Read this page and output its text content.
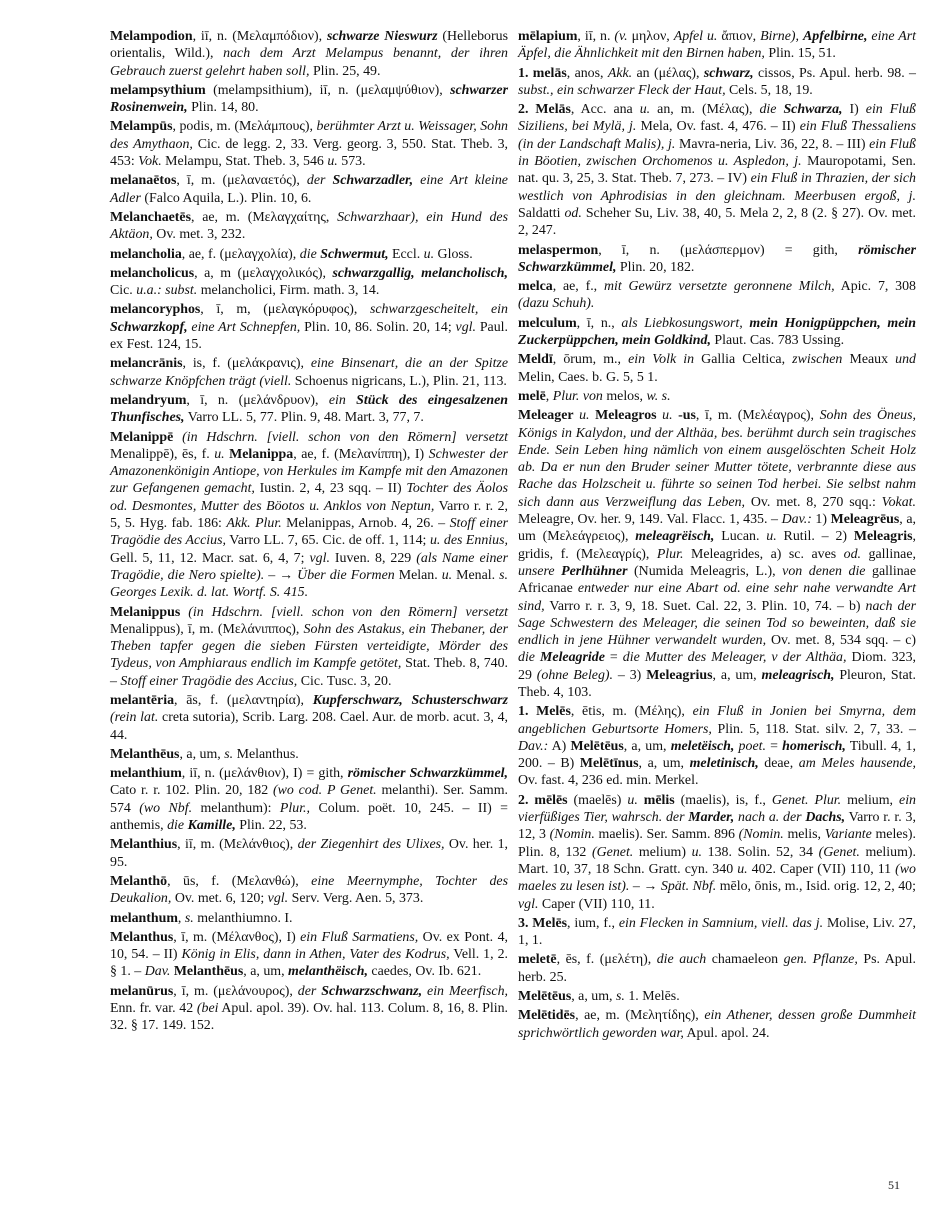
Melampodion, iī, n. (Μελαμπόδιον), schwarze Nieswurz (Helleborus orientalis, Wild.), nach dem Arzt Melampus benannt, der ihren Gebrauch zuerst gelehrt haben soll, Plin. 25, 49.

melampsythium (melampsithium), iī, n. (μελαμψύθιον), schwarzer Rosinenwein, Plin. 14, 80.

Melampūs, podis, m. (Μελάμπους), berühmter Arzt u. Weissager, Sohn des Amythaon, Cic. de legg. 2, 33. Verg. georg. 3, 550. Stat. Theb. 3, 453: Vok. Melampu, Stat. Theb. 3, 546 u. 573.

melanaētos, ī, m. (μελαναετός), der Schwarzadler, eine Art kleine Adler (Falco Aquila, L.). Plin. 10, 6.

Melanchaetēs, ae, m. (Μελαγχαίτης, Schwarzhaar), ein Hund des Aktäon, Ov. met. 3, 232.

melancholia, ae, f. (μελαγχολία), die Schwermut, Eccl. u. Gloss.

melancholicus, a, m (μελαγχολικός), schwarzgallig, melancholisch, Cic. u.a.: subst. melancholici, Firm. math. 3, 14.

melancoryphos, ī, m, (μελαγκόρυφος), schwarzgescheitelt, ein Schwarzkopf, eine Art Schnepfen, Plin. 10, 86. Solin. 20, 14; vgl. Paul. ex Fest. 124, 15.

melancrānis, is, f. (μελάκρανις), eine Binsenart, die an der Spitze schwarze Knöpfchen trägt (viell. Schoenus nigricans, L.), Plin. 21, 113.

melandryum, ī, n. (μελάνδρυον), ein Stück des eingesalzenen Thunfisches, Varro LL. 5, 77. Plin. 9, 48. Mart. 3, 77, 7.

Melanippē (in Hdschrn. [viell. schon von den Römern] versetzt Menalippē), ēs, f. u. Melanippa, ae, f. (Μελανίππη), I) Schwester der Amazonenkönigin Antiope, von Herkules im Kampfe mit den Amazonen zur Gefangenen gemacht, Iustin. 2, 4, 23 sqq. – II) Tochter des Äolos od. Desmontes, Mutter des Böotos u. Anklos von Neptun, Varro r. r. 2, 5, 5. Hyg. fab. 186: Akk. Plur. Melanippas, Arnob. 4, 26. – Stoff einer Tragödie des Accius, Varro LL. 7, 65. Cic. de off. 1, 114; u. des Ennius, Gell. 5, 11, 12. Macr. sat. 6, 4, 7; vgl. Iuven. 8, 229 (als Name einer Tragödie, die Nero spielte). – → Über die Formen Melan. u. Menal. s. Georges Lexik. d. lat. Wortf. S. 415.

Melanippus (in Hdschrn. [viell. schon von den Römern] versetzt Menalippus), ī, m. (Μελάνιππος), Sohn des Astakus, ein Thebaner, der Theben tapfer gegen die sieben Fürsten verteidigte, Mörder des Tydeus, von Amphiaraus endlich im Kampfe getötet, Stat. Theb. 8, 740. – Stoff einer Tragödie des Accius, Cic. Tusc. 3, 20.

melantēria, ās, f. (μελαντηρία), Kupferschwarz, Schusterschwarz (rein lat. creta sutoria), Scrib. Larg. 208. Cael. Aur. de morb. acut. 3, 4, 44.

Melanthēus, a, um, s. Melanthus.

melanthium, iī, n. (μελάνθιον), I) = gith, römischer Schwarzkümmel, Cato r. r. 102. Plin. 20, 182 (wo cod. P Genet. melanthi). Ser. Samm. 574 (wo Nbf. melanthum): Plur., Colum. poët. 10, 245. – II) = anthemis, die Kamille, Plin. 22, 53.

Melanthius, iī, m. (Μελάνθιος), der Ziegenhirt des Ulixes, Ov. her. 1, 95.

Melanthō, ūs, f. (Μελανθώ), eine Meernymphe, Tochter des Deukalion, Ov. met. 6, 120; vgl. Serv. Verg. Aen. 5, 373.

melanthum, s. melanthiumno. I.

Melanthus, ī, m. (Μέλανθος), I) ein Fluß Sarmatiens, Ov. ex Pont. 4, 10, 54. – II) König in Elis, dann in Athen, Vater des Kodrus, Vell. 1, 2. § 1. – Dav. Melanthēus, a, um, melanthëisch, caedes, Ov. Ib. 621.

melanūrus, ī, m. (μελάνουρος), der Schwarzschwanz, ein Meerfisch, Enn. fr. var. 42 (bei Apul. apol. 39). Ov. hal. 113. Colum. 8, 16, 8. Plin. 32. § 17. 149. 152.

mēlapium, iī, n. (v. μηλον, Apfel u. ἄπιον, Birne), Apfelbirne, eine Art Äpfel, die Ähnlichkeit mit den Birnen haben, Plin. 15, 51.

1. melās, anos, Akk. an (μέλας), schwarz, cissos, Ps. Apul. herb. 98. – subst., ein schwarzer Fleck der Haut, Cels. 5, 18, 19.

2. Melās, Acc. ana u. an, m. (Μέλας), die Schwarza, I) ein Fluß Siziliens, bei Mylä, j. Mela, Ov. fast. 4, 476. – II) ein Fluß Thessaliens (in der Landschaft Malis), j. Mavra-neria, Liv. 36, 22, 8. – III) ein Fluß in Böotien, zwischen Orchomenos u. Aspledon, j. Mauropotami, Sen. nat. qu. 3, 25, 3. Stat. Theb. 7, 273. – IV) ein Fluß in Thrazien, der sich westlich von Aphrodisias in den gleichnam. Meerbusen ergoß, j. Saldatti od. Scheher Su, Liv. 38, 40, 5. Mela 2, 2, 8 (2. § 27). Ov. met. 2, 247.

melaspermon, ī, n. (μελάσπερμον) = gith, römischer Schwarzkümmel, Plin. 20, 182.

melca, ae, f., mit Gewürz versetzte geronnene Milch, Apic. 7, 308 (dazu Schuh).

melculum, ī, n., als Liebkosungswort, mein Honigpüppchen, mein Zuckerpüppchen, mein Goldkind, Plaut. Cas. 783 Ussing.

Meldī, ōrum, m., ein Volk in Gallia Celtica, zwischen Meaux und Melin, Caes. b. G. 5, 5 1.

melē, Plur. von melos, w. s.

Meleager u. Meleagros u. -us, ī, m. (Μελέαγρος), Sohn des Öneus, Königs in Kalydon, und der Althäa, bes. berühmt durch sein tragisches Ende. Sein Leben hing nämlich von einem ausgelöschten Scheit Holz ab. Da er nun den Bruder seiner Mutter tötete, verbrannte diese aus Rache das Holzscheit u. führte so seinen Tod herbei. Sie selbst nahm sich dann aus Verzweiflung das Leben, Ov. met. 8, 270 sqq.: Vokat. Meleagre, Ov. her. 9, 149. Val. Flacc. 1, 435. – Dav.: 1) Meleagrēus, a, um (Μελεάγρειος), meleagrëisch, Lucan. u. Rutil. – 2) Meleagris, gridis, f. (Μελεαγρίς), Plur. Meleagrides, a) sc. aves od. gallinae, unsere Perlhühner (Numida Meleagris, L.), von denen die gallinae Africanae entweder nur eine Abart od. eine sehr nahe verwandte Art sind, Varro r. r. 3, 9, 18. Suet. Cal. 22, 3. Plin. 10, 74. – b) nach der Sage Schwestern des Meleager, die seinen Tod so beweinten, daß sie endlich in jene Hühner verwandelt wurden, Ov. met. 8, 534 sqq. – c) die Meleagride = die Mutter des Meleager, v der Althäa, Diom. 323, 29 (ohne Beleg). – 3) Meleagrius, a, um, meleagrisch, Pleuron, Stat. Theb. 4, 103.

1. Melēs, ētis, m. (Μέλης), ein Fluß in Jonien bei Smyrna, dem angeblichen Geburtsorte Homers, Plin. 5, 118. Stat. silv. 2, 7, 33. – Dav.: A) Melētēus, a, um, meletëisch, poet. = homerisch, Tibull. 4, 1, 200. – B) Melētīnus, a, um, meletinisch, deae, am Meles hausende, Ov. fast. 4, 236 ed. min. Merkel.

2. mēlēs (maelēs) u. mēlis (maelis), is, f., Genet. Plur. melium, ein vierfüßiges Tier, wahrsch. der Marder, nach a. der Dachs, Varro r. r. 3, 12, 3 (Nomin. maelis). Ser. Samm. 896 (Nomin. melis, Variante meles). Plin. 8, 132 (Genet. melium) u. 138. Solin. 52, 34 (Genet. melium). Mart. 10, 37, 18 Schn. Gratt. cyn. 340 u. 402. Caper (VII) 110, 11 (wo maeles zu lesen ist). – → Spät. Nbf. mēlo, ōnis, m., Isid. orig. 12, 2, 40; vgl. Caper (VII) 110, 11.

3. Melēs, ium, f., ein Flecken in Samnium, viell. das j. Molise, Liv. 27, 1, 1.

meletē, ēs, f. (μελέτη), die auch chamaeleon gen. Pflanze, Ps. Apul. herb. 25.

Melētēus, a, um, s. 1. Melēs.

Melētidēs, ae, m. (Μελητίδης), ein Athener, dessen große Dummheit sprichwörtlich geworden war, Apul. apol. 24.

51
